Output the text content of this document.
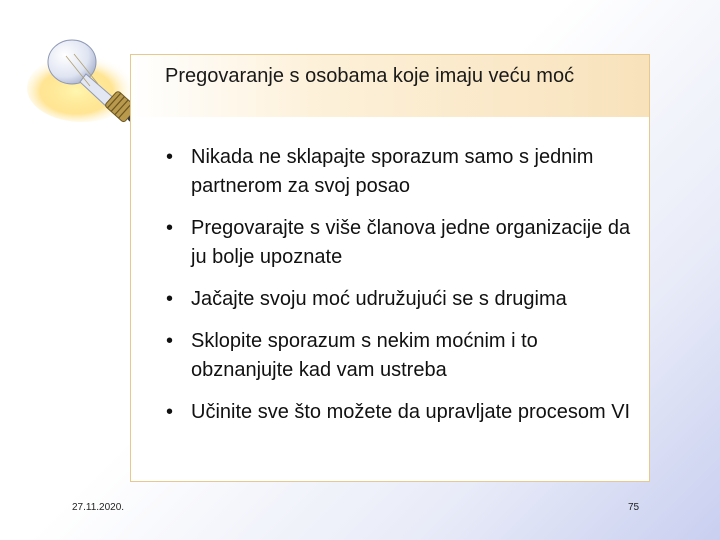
Pregovaranje s osobama koje imaju veću moć
• Nikada ne sklapajte sporazum samo s jednim partnerom za svoj posao
• Pregovarajte s više članova jedne organizacije da ju bolje upoznate
• Jačajte svoju moć udružujući se s drugima
• Sklopite sporazum s nekim moćnim i to obznanjujte kad vam ustreba
• Učinite sve što možete da upravljate procesom VI
27.11.2020.	75
